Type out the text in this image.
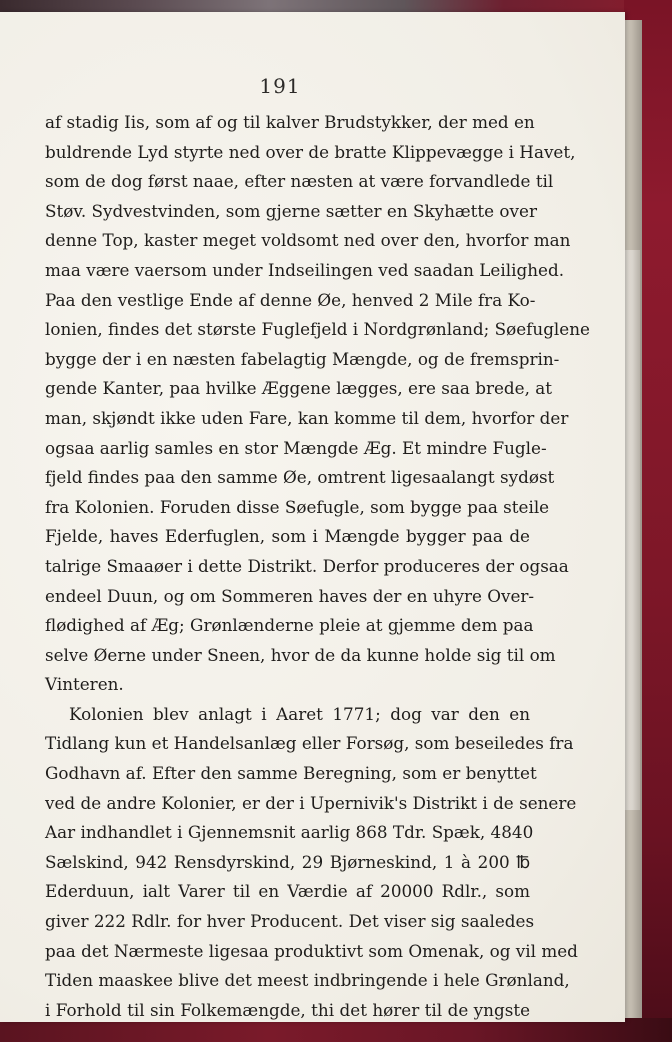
191
af stadig Iis, som af og til kalver Brudstykker, der med en
buldrende Lyd styrte ned over de bratte Klippevægge i Havet,
som de dog først naae, efter næsten at være forvandlede til
Støv. Sydvestvinden, som gjerne sætter en Skyhætte over
denne Top, kaster meget voldsomt ned over den, hvorfor man
maa være vaersom under Indseilingen ved saadan Leilighed.
Paa den vestlige Ende af denne Øe, henved 2 Mile fra Ko-
lonien, findes det største Fuglefjeld i Nordgrønland; Søefuglene
bygge der i en næsten fabelagtig Mængde, og de fremsprin-
gende Kanter, paa hvilke Æggene lægges, ere saa brede, at
man, skjøndt ikke uden Fare, kan komme til dem, hvorfor der
ogsaa aarlig samles en stor Mængde Æg. Et mindre Fugle-
fjeld findes paa den samme Øe, omtrent ligesaalangt sydøst
fra Kolonien. Foruden disse Søefugle, som bygge paa steile
Fjelde, haves Ederfuglen, som i Mængde bygger paa de
talrige Smaaøer i dette Distrikt. Derfor produceres der ogsaa
endeel Duun, og om Sommeren haves der en uhyre Over-
flødighed af Æg; Grønlænderne pleie at gjemme dem paa
selve Øerne under Sneen, hvor de da kunne holde sig til om
Vinteren.
Kolonien blev anlagt i Aaret 1771; dog var den en
Tidlang kun et Handelsanlæg eller Forsøg, som beseiledes fra
Godhavn af. Efter den samme Beregning, som er benyttet
ved de andre Kolonier, er der i Upernivik's Distrikt i de senere
Aar indhandlet i Gjennemsnit aarlig 868 Tdr. Spæk, 4840
Sælskind, 942 Rensdyrskind, 29 Bjørneskind, 1 à 200 ℔
Ederduun, ialt Varer til en Værdie af 20000 Rdlr., som
giver 222 Rdlr. for hver Producent. Det viser sig saaledes
paa det Nærmeste ligesaa produktivt som Omenak, og vil med
Tiden maaskee blive det meest indbringende i hele Grønland,
i Forhold til sin Folkemængde, thi det hører til de yngste
